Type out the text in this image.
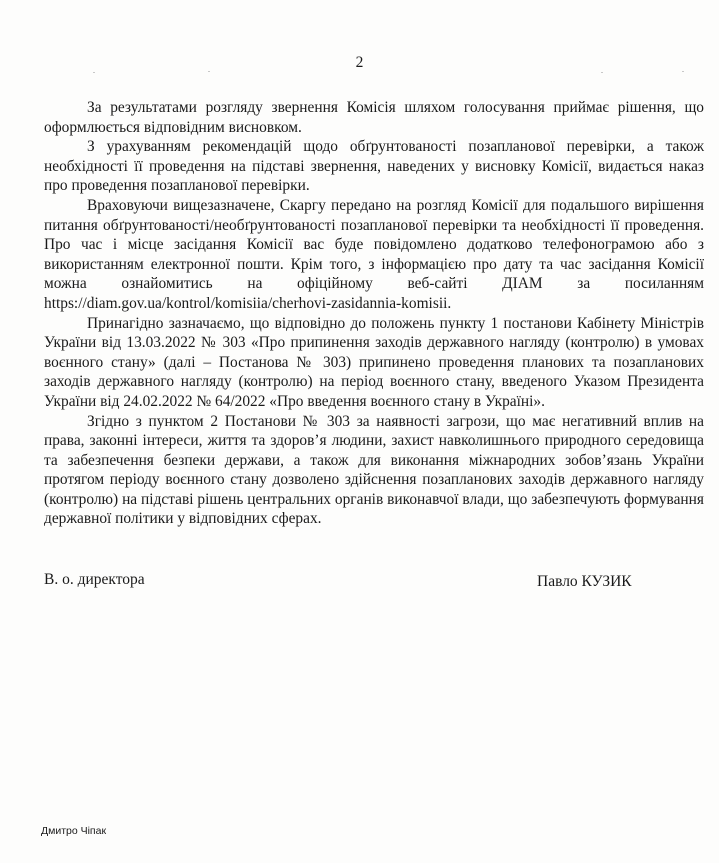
2

За результатами розгляду звернення Комісія шляхом голосування приймає рішення, що оформлюється відповідним висновком.

З урахуванням рекомендацій щодо обґрунтованості позапланової перевірки, а також необхідності її проведення на підставі звернення, наведених у висновку Комісії, видається наказ про проведення позапланової перевірки.

Враховуючи вищезазначене, Скаргу передано на розгляд Комісії для подальшого вирішення питання обґрунтованості/необґрунтованості позапланової перевірки та необхідності її проведення. Про час і місце засідання Комісії вас буде повідомлено додатково телефонограмою або з використанням електронної пошти. Крім того, з інформацією про дату та час засідання Комісії можна ознайомитись на офіційному веб-сайті ДІАМ за посиланням https://diam.gov.ua/kontrol/komisiia/cherhovi-zasidannia-komisii.

Принагідно зазначаємо, що відповідно до положень пункту 1 постанови Кабінету Міністрів України від 13.03.2022 № 303 «Про припинення заходів державного нагляду (контролю) в умовах воєнного стану» (далі – Постанова № 303) припинено проведення планових та позапланових заходів державного нагляду (контролю) на період воєнного стану, введеного Указом Президента України від 24.02.2022 № 64/2022 «Про введення воєнного стану в Україні».

Згідно з пунктом 2 Постанови № 303 за наявності загрози, що має негативний вплив на права, законні інтереси, життя та здоров’я людини, захист навколишнього природного середовища та забезпечення безпеки держави, а також для виконання міжнародних зобов’язань України протягом періоду воєнного стану дозволено здійснення позапланових заходів державного нагляду (контролю) на підставі рішень центральних органів виконавчої влади, що забезпечують формування державної політики у відповідних сферах.

В. о. директора	Павло КУЗИК
Дмитро Чіпак
